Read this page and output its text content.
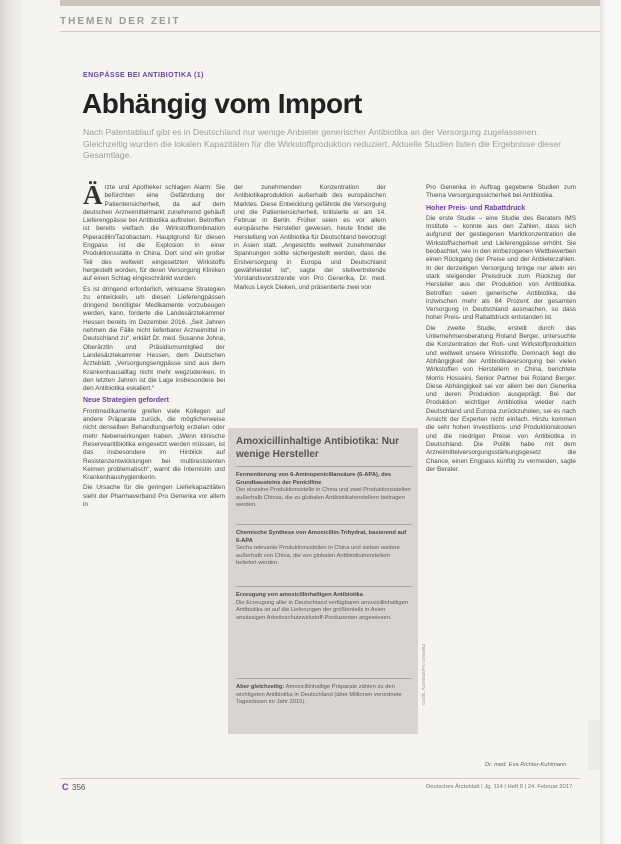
THEMEN DER ZEIT
ENGPÄSSE BEI ANTIBIOTIKA (1)
Abhängig vom Import
Nach Patentablauf gibt es in Deutschland nur wenige Anbieter generischer Antibiotika an der Versorgung zugelassenen. Gleichzeitig wurden die lokalen Kapazitäten für die Wirkstoffproduktion reduziert. Aktuelle Studien listen die Ergebnisse dieser Gesamtlage.
Ä rzte und Apotheker schlagen Alarm: Sie befürchten eine Gefährdung der Patientensicherheit, da auf dem deutschen Arzneimittelmarkt zunehmend gehäuft Lieferengpässe bei Antibiotika auftreten. Betroffen ist bereits vielfach die Wirkstoffkombination Piperacillin/Tazobactam. Hauptgrund für diesen Engpass ist die Explosion in einer Produktionsstätte in China. Dort sind ein großer Teil des weltweit eingesetzten Wirkstoffs hergestellt worden, für deren Versorgung Kliniken auf einen Schlag eingeschränkt wurden.

Es ist dringend erforderlich, wirksame Strategien zu entwickeln, um diesen Lieferengpässen dringend benötigter Medikamente vorzubeugen werden, kann, forderte die Landesärztekammer Hessen bereits im Dezember 2016. „Seit Jahren nehmen die Fälle nicht lieferbarer Arzneimittel in Deutschland zu“, erklärt Dr. med. Susanne Johna, Oberärztin und Präsidiumsmitglied der Landesärztekammer Hessen, dem Deutschen Ärzteblatt. „Versorgungsengpässe sind aus dem Krankenhausalltag nicht mehr wegzudenken. In den letzten Jahren ist die Lage insbesondere bei den Antibiotika eskaliert.“

Neue Strategien gefordert

Frontmedikamente greifen viele Kollegen auf andere Präparate zurück, die möglicherweise nicht denselben Behandlungserfolg erzielen oder mehr Nebenwirkungen haben. „Wenn klinische Reserveantibiotika eingesetzt werden müssen, ist das insbesondere im Hinblick auf Resistenzentwicklungen bei multiresistenten Keimen problematisch“, warnt die Internistin und Krankenhaushygienikerin.

Die Ursache für die geringen Lieferkapazitäten sieht der Pharmaverband Pro Generika vor allem in

der zunehmenden Konzentration der Antibiotikaproduktion außerhalb des europäischen Marktes. Diese Entwicklung gefährde die Versorgung und die Patientensicherheit, kritisierte er am 14. Februar in Berlin. Früher seien es vor allem europäische Hersteller gewesen, heute findet die Herstellung von Antibiotika für Deutschland bevorzugt in Asien statt. „Angesichts weltweit zunehmender Spannungen sollte sichergestellt werden, dass die Erstversorgung in Europa und Deutschland gewährleistet ist“, sagte der stellvertretende Vorstandsvorsitzende von Pro Generika, Dr. med. Markus Leyck Dieken, und präsentierte zwei von

Pro Generika in Auftrag gegebene Studien zum Thema Versorgungssicherheit bei Antibiotika.

Hoher Preis- und Rabattdruck

Die erste Studie – eine Studie des Beraters IMS Institute – konnte aus den Zahlen, dass sich aufgrund der gestiegenen Marktkonzentration die Wirkstoffsicherheit und Lieferengpässe erhöht. Sie beobachtet, wie in den einbezogenen Wettbewerben einen Rückgang der Preise und der Anbieterzahlen. In der derzeitigen Versorgung bringe nur allein ein stark steigender Preisdruck zum Rückzug der Hersteller aus der Produktion von Antibiotika. Betroffen seien generische Antibiotika, die inzwischen mehr als 84 Prozent der gesamten Versorgung in Deutschland ausmachen, so dass hoher Preis- und Rabattdruck entstanden ist.

Die zweite Studie, erstellt durch das Unternehmensberatung Roland Berger, untersuchte die Konzentration der Roh- und Wirkstoffproduktion und weltweit unsere Wirkstoffe. Demnach liegt die Abhängigkeit der Antibiotikaversorgung bei vielen Wirkstoffen von Herstellern in China, berichtete Morris Hosseini, Senior Partner bei Roland Berger. Diese Abhängigkeit sei vor allem bei den Generika und deren Produktion ausgeprägt. Bei der Produktion wichtiger Antibiotika wieder nach Deutschland und Europa zurückzuholen, sei es nach Ansicht der Experten nicht einfach. Hinzu kommen die sehr hohen Investitions- und Produktionskosten und die niedrigen Preise von Antibiotika in Deutschland. Die Politik habe mit dem Arzneimittelversorgungsstärkungsgesetz die Chance, einen Engpass künftig zu vermeiden, sagte der Berater.

Amoxicillinhaltige Antibiotika: Nur wenige Hersteller
Fermentierung von 6-Aminopenicillansäure (6-APA), des Grundbausteins der Penicilline
Der einzelne Produktionsstelle in China und zwei Produktionsstellen außerhalb Chinas, die zu globalen Antibiotikaherstellern beitragen werden.
Chemische Synthese von Amoxicillin-Trihydrat, basierend auf 6-APA
Sechs relevante Produktionsstellen in China und sieben weitere außerhalb von China, die von globalen Antibiotikaherstellern beliefert werden.
Erzeugung von amoxicillinhaltigen Antibiotika
Die Erzeugung aller in Deutschland verfügbaren amoxicillinhaltigen Antibiotika ist auf die Lieferungen der größtenteils in Asien ansässigen Arbeitsschutzwirkstoff-Produzenten angewiesen.
Aber gleichzeitig: Amoxicillinhaltige Präparate zählen zu den wichtigsten Antibiotika in Deutschland (über Millionen verordnete Tagesdosen im Jahr 2015).	Grafik: Ärzteblatt/Pro Generika
Dr. med. Eva Richter-Kuhlmann
C 356	Deutsches Ärzteblatt | Jg. 114 | Heft 8 | 24. Februar 2017
